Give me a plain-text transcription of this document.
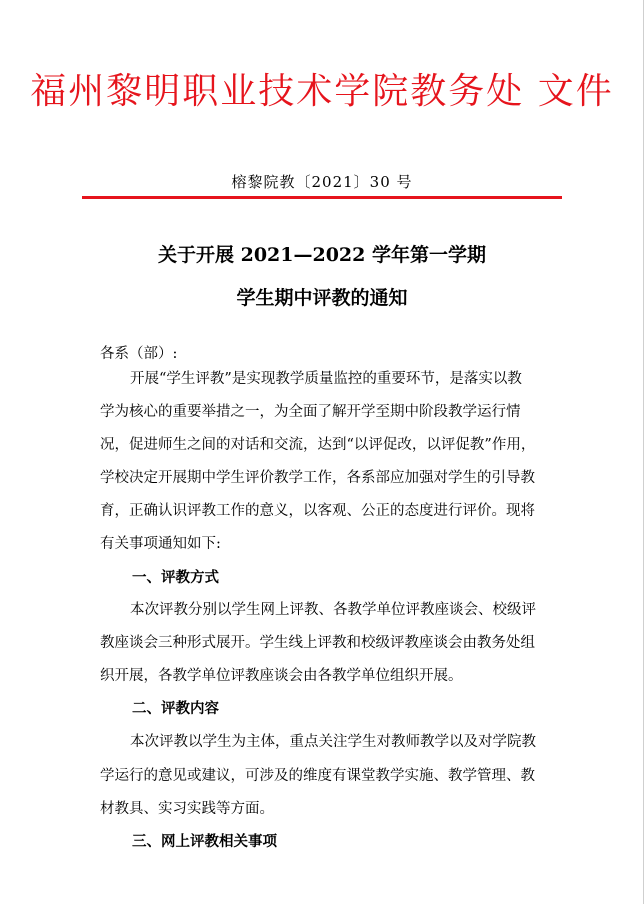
福州黎明职业技术学院教务处 文件
榕黎院教〔2021〕30 号
关于开展 2021—2022 学年第一学期
学生期中评教的通知
各系（部）:
开展“学生评教”是实现教学质量监控的重要环节，是落实以教
学为核心的重要举措之一，为全面了解开学至期中阶段教学运行情
况，促进师生之间的对话和交流，达到“以评促改，以评促教”作用，
学校决定开展期中学生评价教学工作，各系部应加强对学生的引导教
育，正确认识评教工作的意义，以客观、公正的态度进行评价。现将
有关事项通知如下:
一、评教方式
本次评教分别以学生网上评教、各教学单位评教座谈会、校级评
教座谈会三种形式展开。学生线上评教和校级评教座谈会由教务处组
织开展，各教学单位评教座谈会由各教学单位组织开展。
二、评教内容
本次评教以学生为主体，重点关注学生对教师教学以及对学院教
学运行的意见或建议，可涉及的维度有课堂教学实施、教学管理、教
材教具、实习实践等方面。
三、网上评教相关事项
